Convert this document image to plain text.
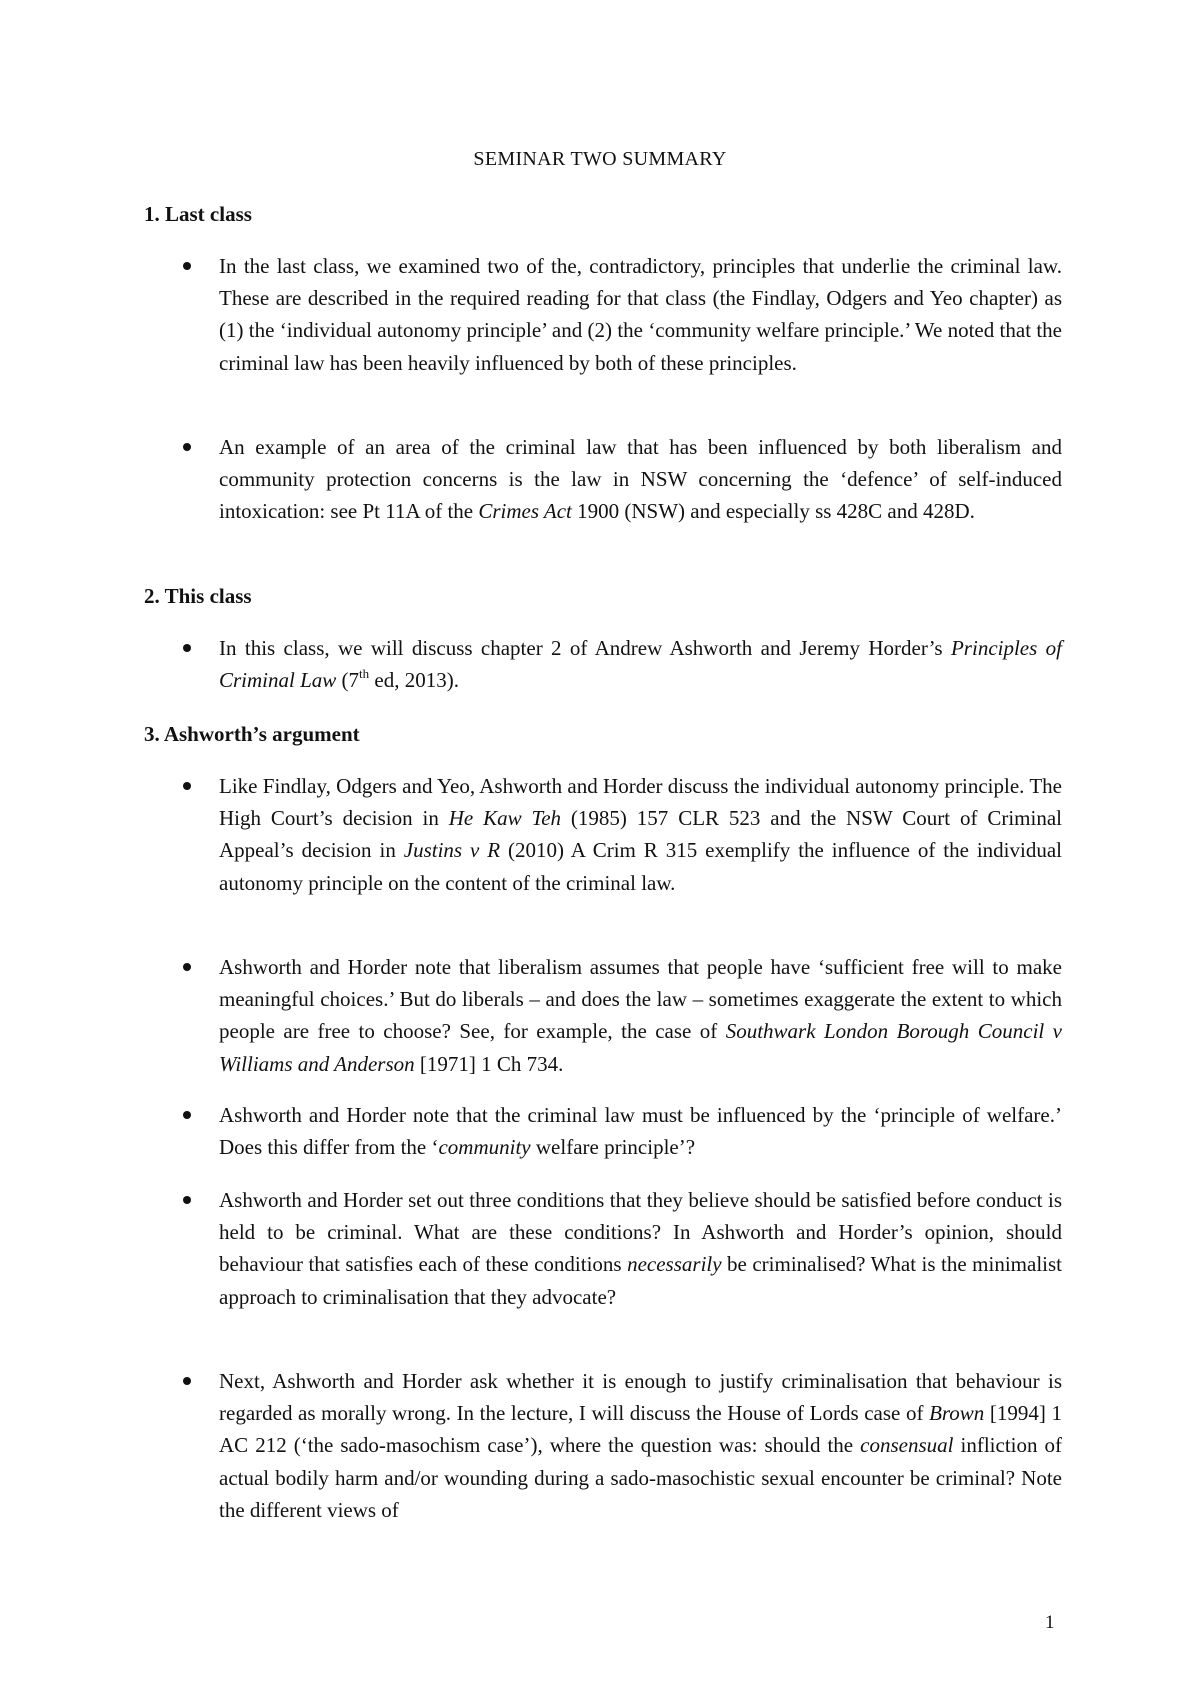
SEMINAR TWO SUMMARY
1. Last class
In the last class, we examined two of the, contradictory, principles that underlie the criminal law. These are described in the required reading for that class (the Findlay, Odgers and Yeo chapter) as (1) the ‘individual autonomy principle’ and (2) the ‘community welfare principle.’ We noted that the criminal law has been heavily influenced by both of these principles.
An example of an area of the criminal law that has been influenced by both liberalism and community protection concerns is the law in NSW concerning the ‘defence’ of self-induced intoxication: see Pt 11A of the Crimes Act 1900 (NSW) and especially ss 428C and 428D.
2. This class
In this class, we will discuss chapter 2 of Andrew Ashworth and Jeremy Horder’s Principles of Criminal Law (7th ed, 2013).
3. Ashworth’s argument
Like Findlay, Odgers and Yeo, Ashworth and Horder discuss the individual autonomy principle. The High Court’s decision in He Kaw Teh (1985) 157 CLR 523 and the NSW Court of Criminal Appeal’s decision in Justins v R (2010) A Crim R 315 exemplify the influence of the individual autonomy principle on the content of the criminal law.
Ashworth and Horder note that liberalism assumes that people have ‘sufficient free will to make meaningful choices.’ But do liberals – and does the law – sometimes exaggerate the extent to which people are free to choose? See, for example, the case of Southwark London Borough Council v Williams and Anderson [1971] 1 Ch 734.
Ashworth and Horder note that the criminal law must be influenced by the ‘principle of welfare.’ Does this differ from the ‘community welfare principle’?
Ashworth and Horder set out three conditions that they believe should be satisfied before conduct is held to be criminal. What are these conditions? In Ashworth and Horder’s opinion, should behaviour that satisfies each of these conditions necessarily be criminalised? What is the minimalist approach to criminalisation that they advocate?
Next, Ashworth and Horder ask whether it is enough to justify criminalisation that behaviour is regarded as morally wrong. In the lecture, I will discuss the House of Lords case of Brown [1994] 1 AC 212 (‘the sado-masochism case’), where the question was: should the consensual infliction of actual bodily harm and/or wounding during a sado-masochistic sexual encounter be criminal? Note the different views of
1
